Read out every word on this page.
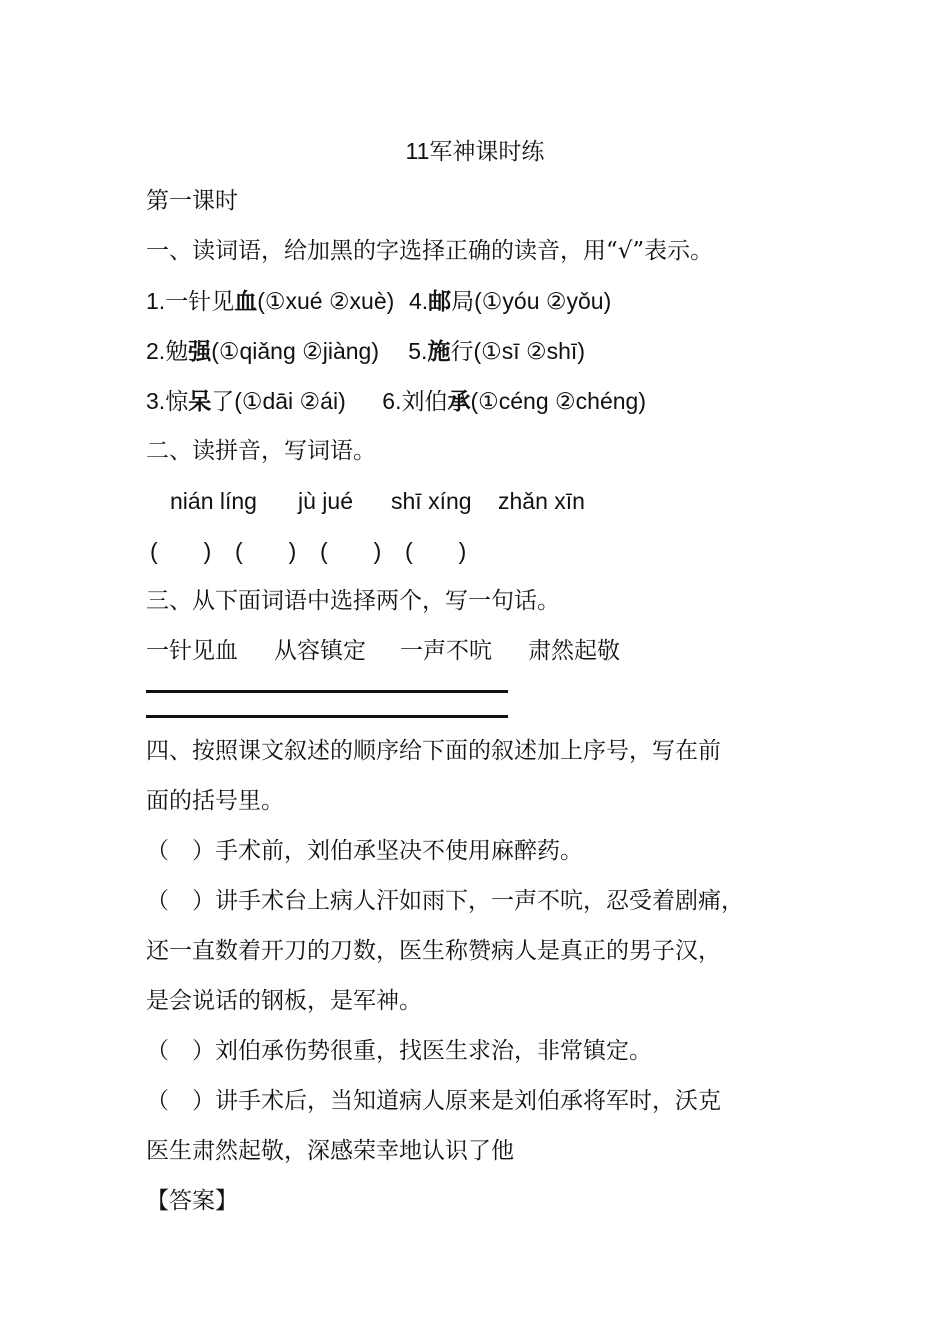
11军神课时练
第一课时
一、读词语，给加黑的字选择正确的读音，用“√”表示。
1.一针见血(①xué ②xuè) 4.邮局(①yóu ②yǒu)
2.勉强(①qiǎng ②jiàng) 5.施行(①sī ②shī)
3.惊呆了(①dāi ②ái) 6.刘伯承(①céng ②chéng)
二、读拼音，写词语。
nián líng jù jué shī xíng zhǎn xīn
(　　) (　　) (　　) (　　)
三、从下面词语中选择两个，写一句话。
一针见血 从容镇定 一声不吭 肃然起敬
四、按照课文叙述的顺序给下面的叙述加上序号，写在前
面的括号里。
（　）手术前，刘伯承坚决不使用麻醉药。
（　）讲手术台上病人汗如雨下，一声不吭，忍受着剧痛，
还一直数着开刀的刀数，医生称赞病人是真正的男子汉，
是会说话的钢板，是军神。
（　）刘伯承伤势很重，找医生求治，非常镇定。
（　）讲手术后，当知道病人原来是刘伯承将军时，沃克
医生肃然起敬，深感荣幸地认识了他
【答案】
